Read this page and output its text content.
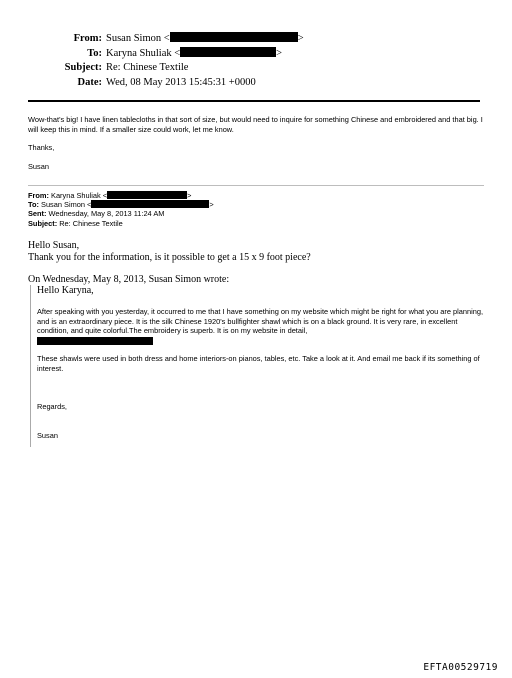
From: Susan Simon <	>
To: Karyna Shuliak <	>
Subject: Re: Chinese Textile
Date: Wed, 08 May 2013 15:45:31 +0000
Wow-that's big! I have linen tablecloths in that sort of size, but would need to inquire for something Chinese and embroidered and that big. I will keep this in mind. If a smaller size could work, let me know.
Thanks,
Susan
From: Karyna Shuliak <	>
To: Susan Simon <	>
Sent: Wednesday, May 8, 2013 11:24 AM
Subject: Re: Chinese Textile
Hello Susan,
Thank you for the information, is it possible to get a 15 x 9 foot piece?
On Wednesday, May 8, 2013, Susan Simon wrote:
Hello Karyna,
After speaking with you yesterday, it occurred to me that I have something on my website which might be right for what you are planning, and is an extraordinary piece. It is the silk Chinese 1920's bullfighter shawl which is on a black ground. It is very rare, in excellent condition, and quite colorful.The embroidery is superb. It is on my website in detail,
These shawls were used in both dress and home interiors-on pianos, tables, etc. Take a look at it. And email me back if its something of interest.
Regards,
Susan
EFTA00529719
